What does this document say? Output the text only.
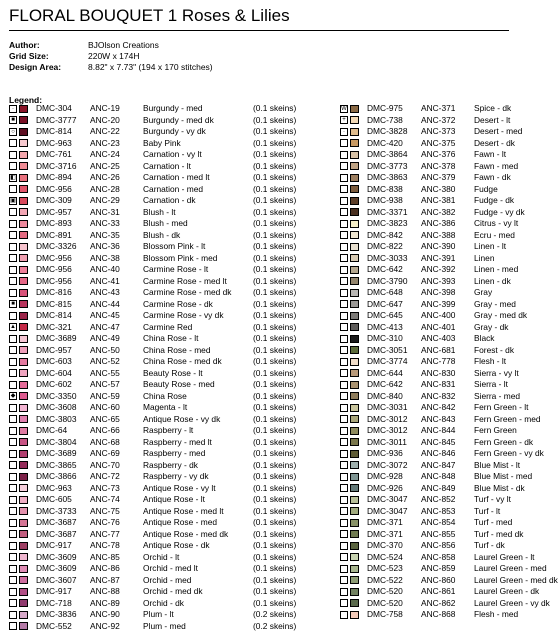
FLORAL BOUQUET 1 Roses & Lilies
Author:	BJOlson Creations
Grid Size:	220W x 174H
Design Area:	8.82" x 7.73" (194 x 170 stitches)
Legend:
·	DMC-304	ANC-19	Burgundy - med	(0.1 skeins)
■	DMC-3777	ANC-20	Burgundy - med dk	(0.1 skeins)
○	DMC-814	ANC-22	Burgundy - vy dk	(0.1 skeins)
DMC-963	ANC-23	Baby Pink	(0.1 skeins)
DMC-761	ANC-24	Carnation - vy lt	(0.1 skeins)
DMC-3716	ANC-25	Carnation - lt	(0.1 skeins)
◧ DMC-894	ANC-26	Carnation - med lt	(0.1 skeins)
DMC-956	ANC-28	Carnation - med	(0.1 skeins)
▣ DMC-309	ANC-29	Carnation - dk	(0.1 skeins)
DMC-957	ANC-31	Blush - lt	(0.1 skeins)
DMC-893	ANC-33	Blush - med	(0.1 skeins)
DMC-891	ANC-35	Blush - dk	(0.1 skeins)
DMC-3326	ANC-36	Blossom Pink - lt	(0.1 skeins)
DMC-956	ANC-38	Blossom Pink - med	(0.1 skeins)
DMC-956	ANC-40	Carmine Rose - lt	(0.1 skeins)
DMC-956	ANC-41	Carmine Rose - med lt	(0.1 skeins)
DMC-816	ANC-43	Carmine Rose - med dk	(0.1 skeins)
■	DMC-815	ANC-44	Carmine Rose - dk	(0.1 skeins)
DMC-814	ANC-45	Carmine Rose - vy dk	(0.1 skeins)
▲ DMC-321	ANC-47	Carmine Red	(0.1 skeins)
DMC-3689	ANC-49	China Rose - lt	(0.1 skeins)
DMC-957	ANC-50	China Rose - med	(0.1 skeins)
DMC-603	ANC-52	China Rose - med dk	(0.1 skeins)
DMC-604	ANC-55	Beauty Rose - lt	(0.1 skeins)
DMC-602	ANC-57	Beauty Rose - med	(0.1 skeins)
◆ DMC-3350	ANC-59	China Rose	(0.1 skeins)
DMC-3608	ANC-60	Magenta - lt	(0.1 skeins)
DMC-3803	ANC-65	Antique Rose - vy dk	(0.1 skeins)
DMC-64	ANC-66	Raspberry - lt	(0.1 skeins)
DMC-3804	ANC-68	Raspberry - med lt	(0.1 skeins)
DMC-3689	ANC-69	Raspberry - med	(0.1 skeins)
DMC-3865	ANC-70	Raspberry - dk	(0.1 skeins)
DMC-3866	ANC-72	Raspberry - vy dk	(0.1 skeins)
DMC-963	ANC-73	Antique Rose - vy lt	(0.1 skeins)
DMC-605	ANC-74	Antique Rose - lt	(0.1 skeins)
DMC-3733	ANC-75	Antique Rose - med lt	(0.1 skeins)
DMC-3687	ANC-76	Antique Rose - med	(0.1 skeins)
DMC-3687	ANC-77	Antique Rose - med dk	(0.1 skeins)
DMC-917	ANC-78	Antique Rose - dk	(0.1 skeins)
DMC-3609	ANC-85	Orchid - lt	(0.1 skeins)
DMC-3609	ANC-86	Orchid - med lt	(0.1 skeins)
DMC-3607	ANC-87	Orchid - med	(0.1 skeins)
DMC-917	ANC-88	Orchid - med dk	(0.1 skeins)
DMC-718	ANC-89	Orchid - dk	(0.1 skeins)
DMC-3836	ANC-90	Plum - lt	(0.2 skeins)
DMC-552	ANC-92	Plum - med	(0.2 skeins)
W DMC-975	ANC-371	Spice - dk
+	DMC-738	ANC-372	Desert - lt
·	DMC-3828	ANC-373	Desert - med
DMC-420	ANC-375	Desert - dk
DMC-3864	ANC-376	Fawn - lt
DMC-3773	ANC-378	Fawn - med
DMC-3863	ANC-379	Fawn - dk
DMC-838	ANC-380	Fudge
DMC-938	ANC-381	Fudge - dk
DMC-3371	ANC-382	Fudge - vy dk
DMC-3823	ANC-386	Citrus - vy lt
DMC-842	ANC-388	Ecru - med
DMC-822	ANC-390	Linen - lt
DMC-3033	ANC-391	Linen
DMC-642	ANC-392	Linen - med
DMC-3790	ANC-393	Linen - dk
DMC-648	ANC-398	Gray
DMC-647	ANC-399	Gray - med
DMC-645	ANC-400	Gray - med dk
DMC-413	ANC-401	Gray - dk
DMC-310	ANC-403	Black
DMC-3051	ANC-681	Forest - dk
DMC-3774	ANC-778	Flesh - lt
DMC-644	ANC-830	Sierra - vy lt
DMC-642	ANC-831	Sierra - lt
DMC-840	ANC-832	Sierra - med
DMC-3031	ANC-842	Fern Green - lt
DMC-3012	ANC-843	Fern Green - med
DMC-3012	ANC-844	Fern Green
DMC-3011	ANC-845	Fern Green - dk
DMC-936	ANC-846	Fern Green - vy dk
DMC-3072	ANC-847	Blue Mist - lt
DMC-928	ANC-848	Blue Mist - med
DMC-926	ANC-849	Blue Mist - dk
DMC-3047	ANC-852	Turf - vy lt
DMC-3047	ANC-853	Turf - lt
DMC-371	ANC-854	Turf - med
DMC-371	ANC-855	Turf - med dk
DMC-370	ANC-856	Turf - dk
DMC-524	ANC-858	Laurel Green - lt
DMC-523	ANC-859	Laurel Green - med
DMC-522	ANC-860	Laurel Green - med dk
DMC-520	ANC-861	Laurel Green - dk
DMC-520	ANC-862	Laurel Green - vy dk
DMC-758	ANC-868	Flesh - med
